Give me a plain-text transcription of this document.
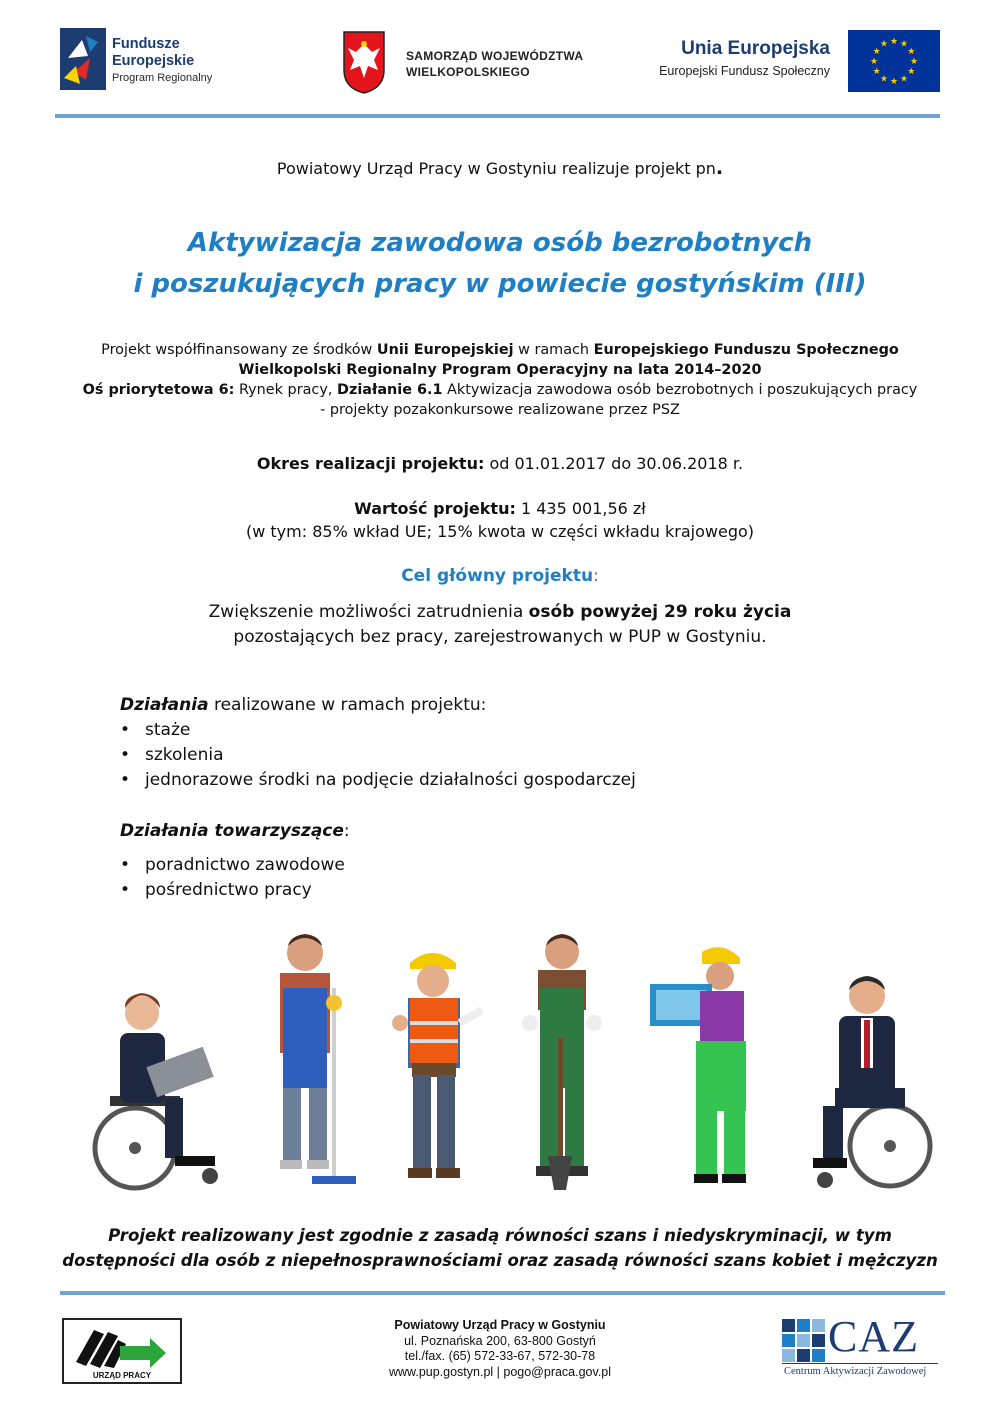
Fundusze
Europejskie
Program Regionalny
SAMORZĄD WOJEWÓDZTWA
WIELKOPOLSKIEGO
Unia Europejska
Europejski Fundusz Społeczny
★
★
★
★
★
★
★
★
★ ★ ★
★
Powiatowy Urząd Pracy w Gostyniu realizuje projekt pn.
Aktywizacja zawodowa osób bezrobotnych
i poszukujących pracy w powiecie gostyńskim (III)
Projekt współfinansowany ze środków Unii Europejskiej w ramach Europejskiego Funduszu Społecznego
Wielkopolski Regionalny Program Operacyjny na lata 2014–2020
Oś priorytetowa 6: Rynek pracy, Działanie 6.1 Aktywizacja zawodowa osób bezrobotnych i poszukujących pracy
- projekty pozakonkursowe realizowane przez PSZ
Okres realizacji projektu: od 01.01.2017 do 30.06.2018 r.
Wartość projektu: 1 435 001,56 zł
(w tym: 85% wkład UE; 15% kwota w części wkładu krajowego)
Cel główny projektu:
Zwiększenie możliwości zatrudnienia osób powyżej 29 roku życia
pozostających bez pracy, zarejestrowanych w PUP w Gostyniu.
Działania realizowane w ramach projektu:
• staże
• szkolenia
• jednorazowe środki na podjęcie działalności gospodarczej
Działania towarzyszące:
• poradnictwo zawodowe
• pośrednictwo pracy
Projekt realizowany jest zgodnie z zasadą równości szans i niedyskryminacji, w tym
dostępności dla osób z niepełnosprawnościami oraz zasadą równości szans kobiet i mężczyzn
URZĄD PRACY
Powiatowy Urząd Pracy w Gostyniu
ul. Poznańska 200, 63-800 Gostyń
tel./fax. (65) 572-33-67, 572-30-78
www.pup.gostyn.pl | pogo@praca.gov.pl
CAZ
Centrum Aktywizacji Zawodowej
